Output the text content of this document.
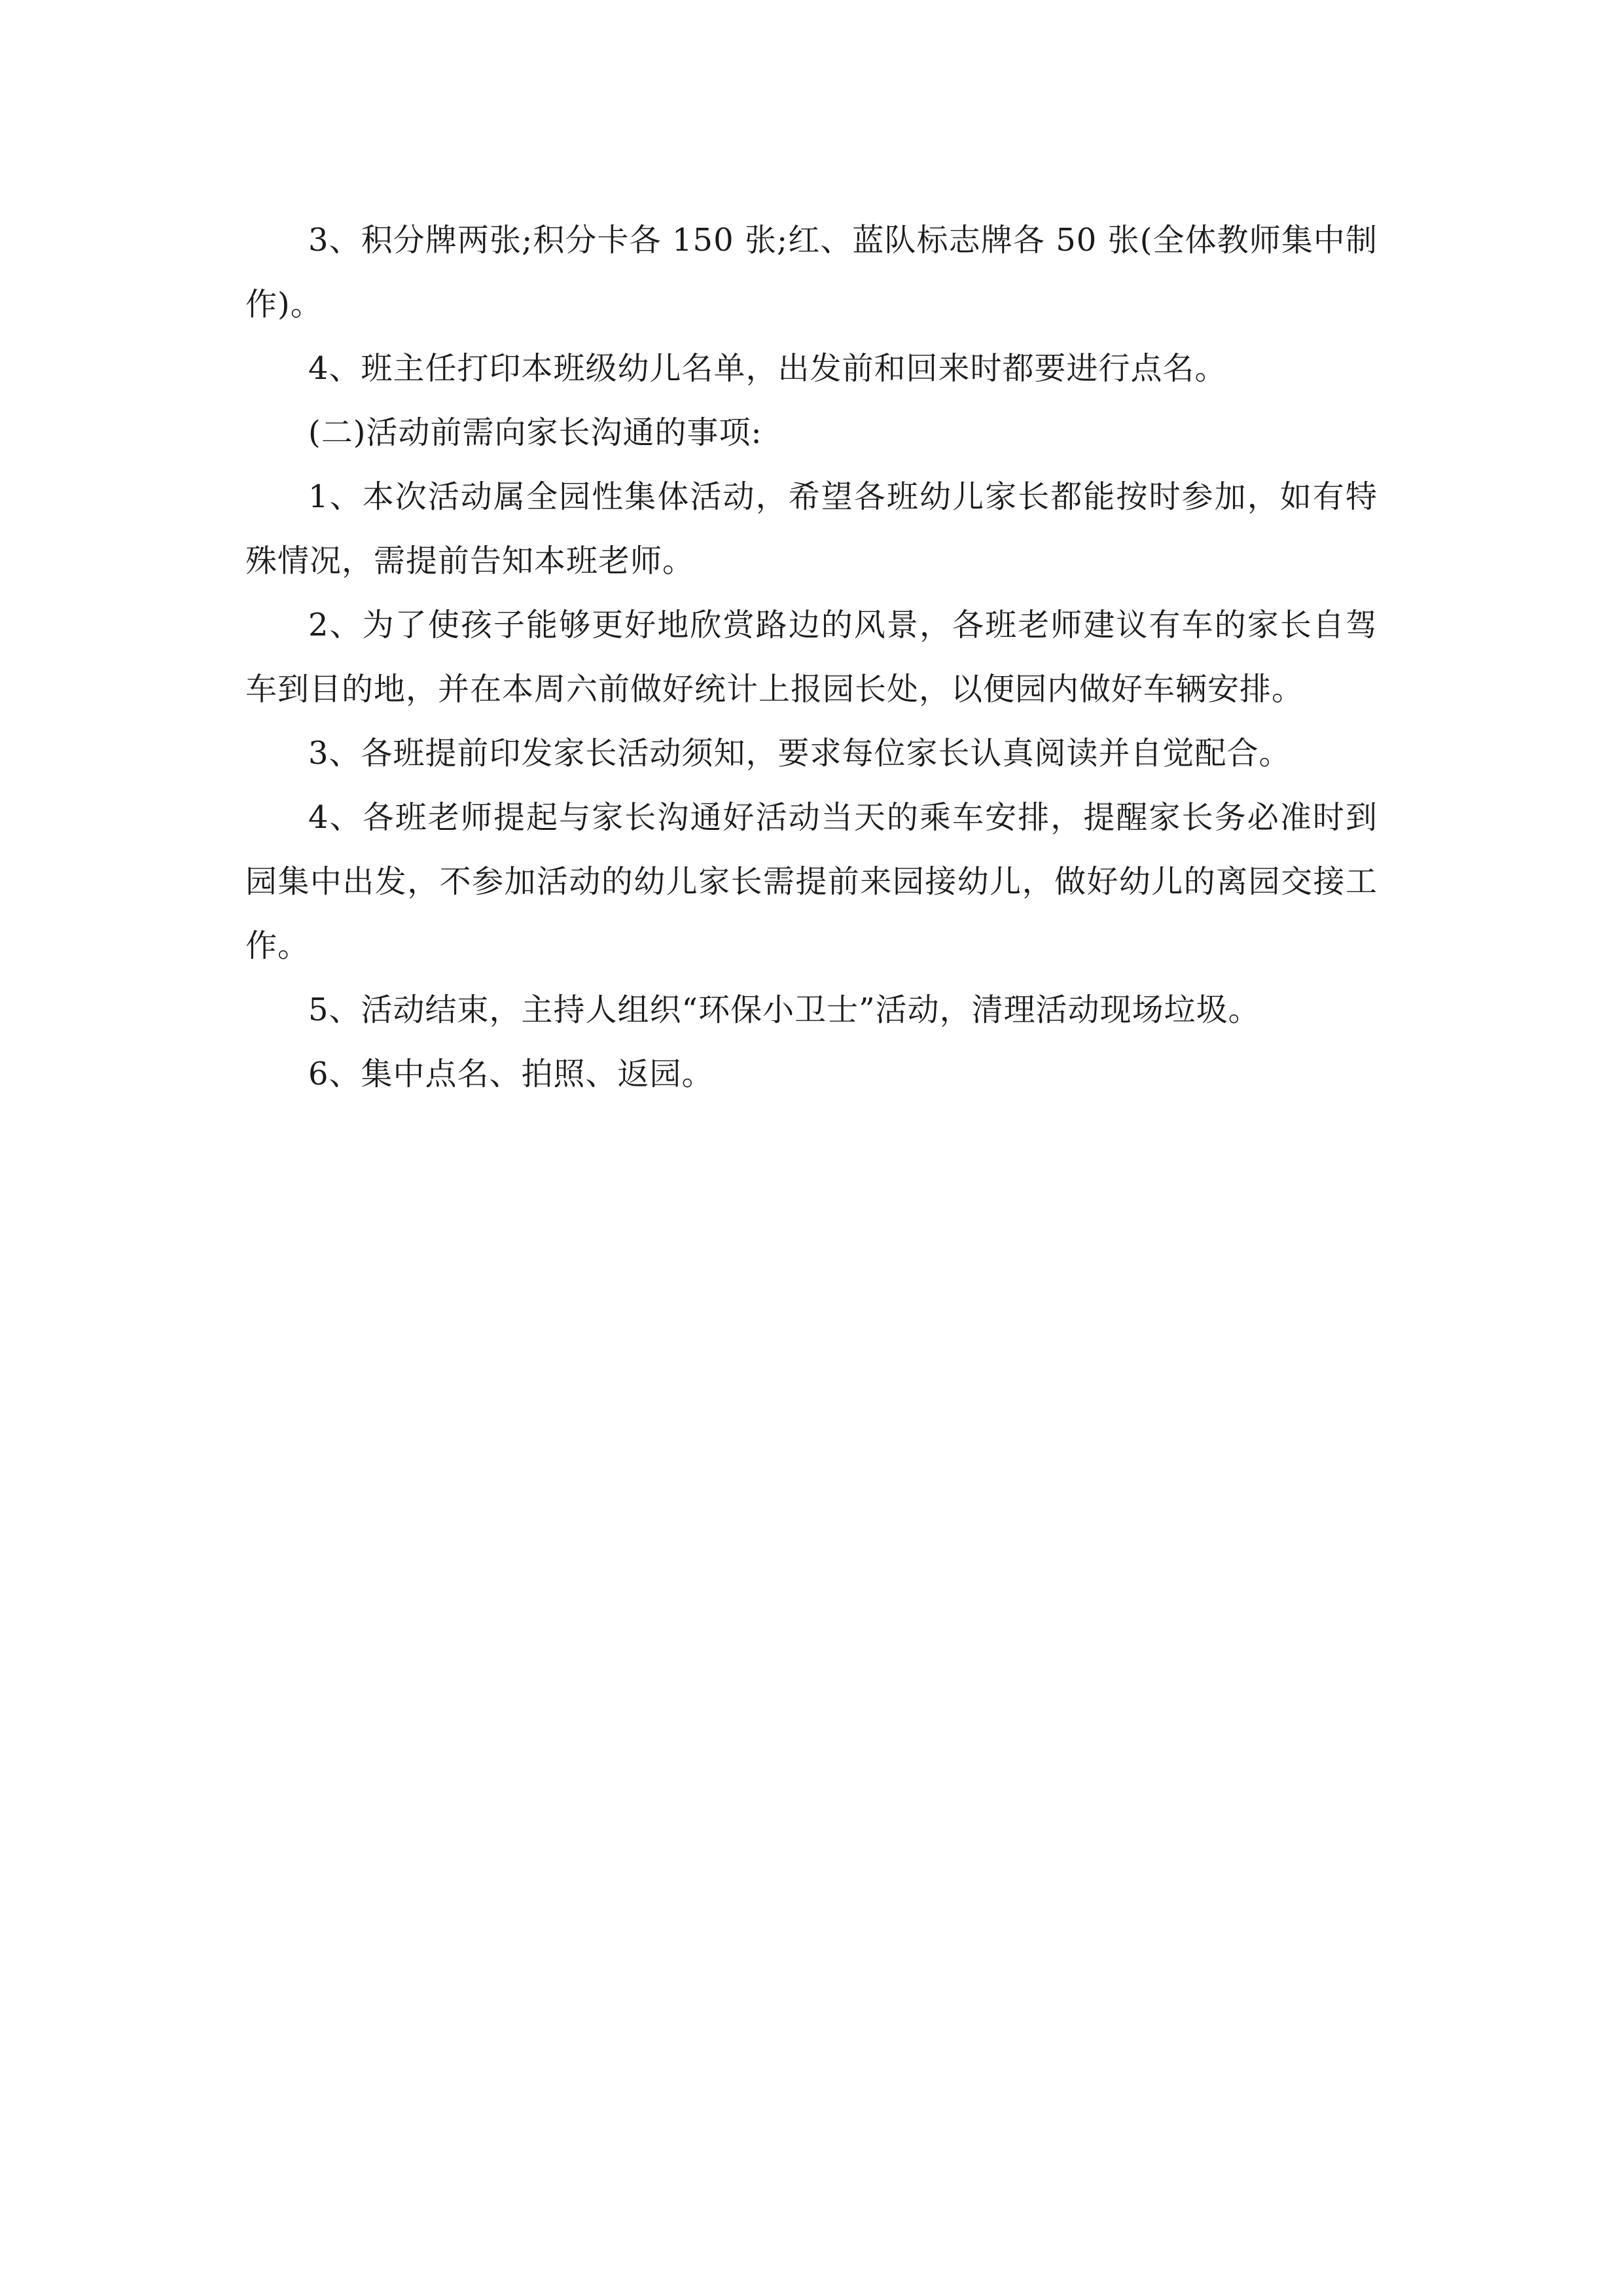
3、积分牌两张;积分卡各 150 张;红、蓝队标志牌各 50 张(全体教师集中制作)。

4、班主任打印本班级幼儿名单，出发前和回来时都要进行点名。

(二)活动前需向家长沟通的事项:

1、本次活动属全园性集体活动，希望各班幼儿家长都能按时参加，如有特殊情况，需提前告知本班老师。

2、为了使孩子能够更好地欣赏路边的风景，各班老师建议有车的家长自驾车到目的地，并在本周六前做好统计上报园长处，以便园内做好车辆安排。

3、各班提前印发家长活动须知，要求每位家长认真阅读并自觉配合。

4、各班老师提起与家长沟通好活动当天的乘车安排，提醒家长务必准时到园集中出发，不参加活动的幼儿家长需提前来园接幼儿，做好幼儿的离园交接工作。

5、活动结束，主持人组织“环保小卫士”活动，清理活动现场垃圾。

6、集中点名、拍照、返园。
